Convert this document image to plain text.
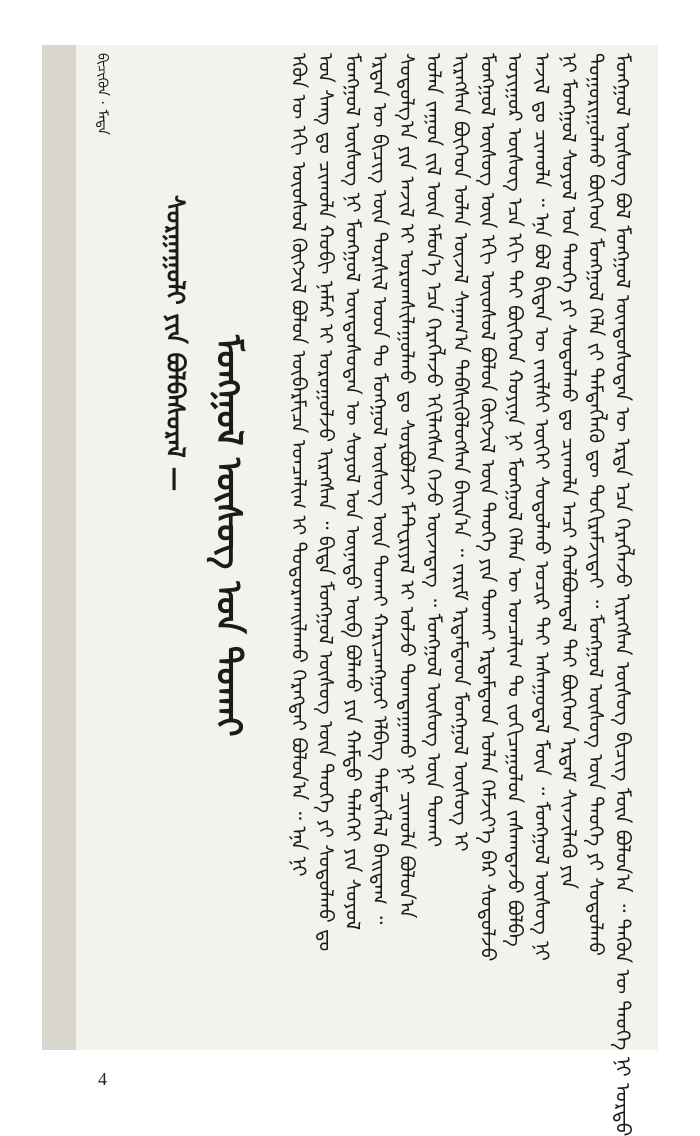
ᠪᠢᠴᠢᠭ᠌ᠦᠨ · ᠮᠡᠳᠡ
ᠰᠤᠷᠭᠠᠭᠤᠯᠢ ᠶᠢᠨ ᠪᠣᠯᠪᠠᠰᠤᠷᠠᠯ — ᠮᠣᠩᠭᠣᠯ ᠦᠰᠦᠭ ᠤᠨ ᠲᠤᠬᠠᠢ ᠡᠭᠦᠨ ᠦ ᠡᠬᠢ ᠦᠦᠰᠦᠯ ᠬᠥᠭᠵᠢᠯ ᠪᠣᠯᠤᠨ ᠥᠪᠡᠷᠮᠢᠴᠡ ᠣᠨᠴᠠᠯᠢᠭ ᠢ ᠲᠣᠳᠣᠷᠬᠠᠢᠯᠠᠬᠤ ᠬᠡᠷᠡᠭᠲᠡᠢ ᠪᠣᠯᠤᠨ᠎ᠠ ᠃ ᠡᠨᠡ ᠨᠢ ᠤᠨ ᠰᠠᠩ ᠳᠤ ᠴᠢᠬᠤᠯᠠ ᠬᠤᠪᠢ ᠨᠡᠮᠡᠷ ᠢ ᠣᠷᠣᠭᠤᠯᠵᠤ ᠢᠷᠡᠭᠰᠡᠨ ᠃ ᠪᠢᠳᠡ ᠮᠣᠩᠭᠣᠯ ᠦᠰᠦᠭ ᠦᠨ ᠲᠡᠦᠬᠡ ᠶᠢ ᠰᠤᠳᠤᠯᠬᠤ ᠳᠤ ᠮᠣᠩᠭᠣᠯ ᠦᠰᠦᠭ ᠨᠢ ᠮᠣᠩᠭᠣᠯ ᠦᠨᠳᠦᠰᠦᠲᠡᠨ ᠦ ᠰᠣᠶᠣᠯ ᠤᠨ ᠦᠨᠡᠲᠦ ᠥᠪ ᠪᠣᠯᠬᠤ ᠶᠢᠨ ᠬᠠᠮᠲᠤ ᠳᠡᠯᠡᠬᠡᠢ ᠶᠢᠨ ᠰᠣᠶᠣᠯ ᠡᠷᠲᠡᠨ ᠦ ᠪᠢᠴᠢᠭ᠌ ᠦᠨ ᠳᠤᠷᠰᠢᠯ ᠤᠳ ᠲᠤ ᠮᠣᠩᠭᠣᠯ ᠦᠰᠦᠭ ᠦᠨ ᠲᠤᠬᠠᠢ ᠬᠠᠷᠢᠴᠠᠩᠭᠤᠢ ᠡᠯᠪᠡᠭ ᠲᠡᠮᠳᠡᠭᠯᠡᠯ ᠪᠠᠢᠳᠠᠭ ᠃ ᠰᠤᠳᠤᠯᠭ᠎ᠠ ᠶᠢᠨ ᠠᠵᠢᠯ ᠢ ᠤᠷᠤᠭᠰᠢᠯᠠᠭᠤᠯᠬᠤ ᠳᠤ ᠰᠤᠷᠪᠤᠯᠵᠢ ᠮᠠᠲᠧᠷᠢᠶᠠᠯ ᠢ ᠣᠯᠵᠤ ᠲᠣᠭᠲᠠᠭᠠᠬᠤ ᠨᠢ ᠴᠢᠬᠤᠯᠠ ᠪᠣᠯᠤᠨ᠎ᠠ ᠣᠯᠠᠨ ᠵᠠᠭᠤᠨ ᠵᠢᠯ ᠦᠨ ᠡᠮᠦᠨ᠎ᠡ ᠡᠴᠡ ᠬᠡᠷᠡᠭᠯᠡᠵᠦ ᠡᠬᠢᠯᠡᠭᠰᠡᠨ ᠭᠡᠵᠦ ᠦᠵᠡᠳᠡᠭ ᠃ ᠮᠣᠩᠭᠣᠯ ᠦᠰᠦᠭ ᠦᠨ ᠲᠤᠬᠠᠢ ᠢᠷᠡᠭᠰᠡᠨ ᠪᠥᠭᠡᠳ ᠣᠯᠠᠨ ᠦᠵᠡᠯ ᠰᠠᠨᠠᠭ᠎ᠠ ᠳᠡᠪᠰᠢᠭᠦᠯᠦᠭᠰᠡᠨ ᠪᠠᠢᠨ᠎ᠠ ᠃ ᠵᠠᠷᠢᠮ ᠡᠷᠳᠡᠮᠲᠡᠳ ᠮᠣᠩᠭᠣᠯ ᠦᠰᠦᠭ ᠢ ᠮᠣᠩᠭᠣᠯ ᠦᠰᠦᠭ ᠦᠨ ᠡᠬᠢ ᠦᠦᠰᠦᠯ ᠪᠣᠯᠤᠨ ᠬᠥᠭᠵᠢᠯ ᠦᠨ ᠲᠡᠦᠬᠡ ᠶᠢᠨ ᠲᠤᠬᠠᠢ ᠡᠷᠳᠡᠮᠲᠡᠳ ᠤᠯᠠᠨ ᠬᠡᠮᠵᠢᠶ᠎ᠡ ᠪᠡᠷ ᠰᠤᠳᠤᠯᠵᠤ ᠤᠶᠢᠭᠤᠷ ᠦᠰᠦᠭ ᠡᠴᠡ ᠡᠬᠢ ᠲᠠᠢ ᠪᠥᠭᠡᠳ ᠬᠣᠶᠢᠨᠠ ᠨᠢ ᠮᠣᠩᠭᠣᠯ ᠬᠡᠯᠡᠨ ᠦ ᠣᠨᠴᠠᠯᠢᠭ ᠲᠤ ᠵᠣᠬᠢᠴᠠᠭᠤᠯᠤᠨ ᠵᠠᠰᠠᠭᠳᠠᠵᠤ ᠪᠣᠯᠪᠠ ᠠᠵᠢᠯ ᠳᠤ ᠴᠢᠬᠤᠯᠠ ᠃ ᠡᠨᠡ ᠪᠣᠯ ᠪᠢᠳᠡᠨ ᠦ ᠵᠠᠢᠯᠰᠢ ᠦᠭᠡᠢ ᠰᠤᠳᠤᠯᠬᠤ ᠤᠴᠢᠷ ᠲᠠᠢ ᠠᠰᠠᠭᠤᠳᠠᠯ ᠮᠥᠨ ᠃ ᠮᠣᠩᠭᠣᠯ ᠦᠰᠦᠭ ᠨᠢ ᠨᠢ ᠮᠣᠩᠭᠣᠯ ᠰᠣᠶᠣᠯ ᠤᠨ ᠲᠡᠦᠬᠡ ᠶᠢ ᠰᠤᠳᠤᠯᠬᠤ ᠳᠤ ᠴᠢᠬᠤᠯᠠ ᠠᠴᠢ ᠬᠣᠯᠪᠣᠭᠳᠠᠯ ᠲᠠᠢ ᠪᠥᠭᠡᠳ ᠡᠷᠳᠡᠮ ᠰᠢᠨᠵᠢᠯᠡᠬᠦ ᠶᠢᠨ ᠲᠣᠭᠣᠷᠢᠭᠤᠯᠬᠤ ᠪᠥᠭᠡᠳ ᠮᠣᠩᠭᠣᠯ ᠬᠡᠯᠡ ᠵᠢ ᠲᠡᠮᠳᠡᠭᠯᠡᠬᠦ ᠳᠦ ᠲᠣᠬᠢᠷᠠᠮᠵᠢᠲᠠᠢ ᠃ ᠮᠣᠩᠭᠣᠯ ᠦᠰᠦᠭ ᠦᠨ ᠲᠡᠦᠬᠡ ᠶᠢ ᠰᠤᠳᠤᠯᠬᠤ ᠮᠣᠩᠭᠣᠯ ᠦᠰᠦᠭ ᠪᠣᠯ ᠮᠣᠩᠭᠣᠯ ᠦᠨᠳᠦᠰᠦᠲᠡᠨ ᠦ ᠡᠷᠲᠡ ᠡᠴᠡ ᠬᠡᠷᠡᠭᠯᠡᠵᠦ ᠢᠷᠡᠭᠰᠡᠨ ᠦᠰᠦᠭ ᠪᠢᠴᠢᠭ ᠮᠥᠨ ᠪᠣᠯᠤᠨ᠎ᠠ ᠃ ᠲᠡᠭᠦᠨ ᠦ ᠲᠡᠦᠬᠡ ᠨᠢ ᠤᠷᠲᠤ
4
